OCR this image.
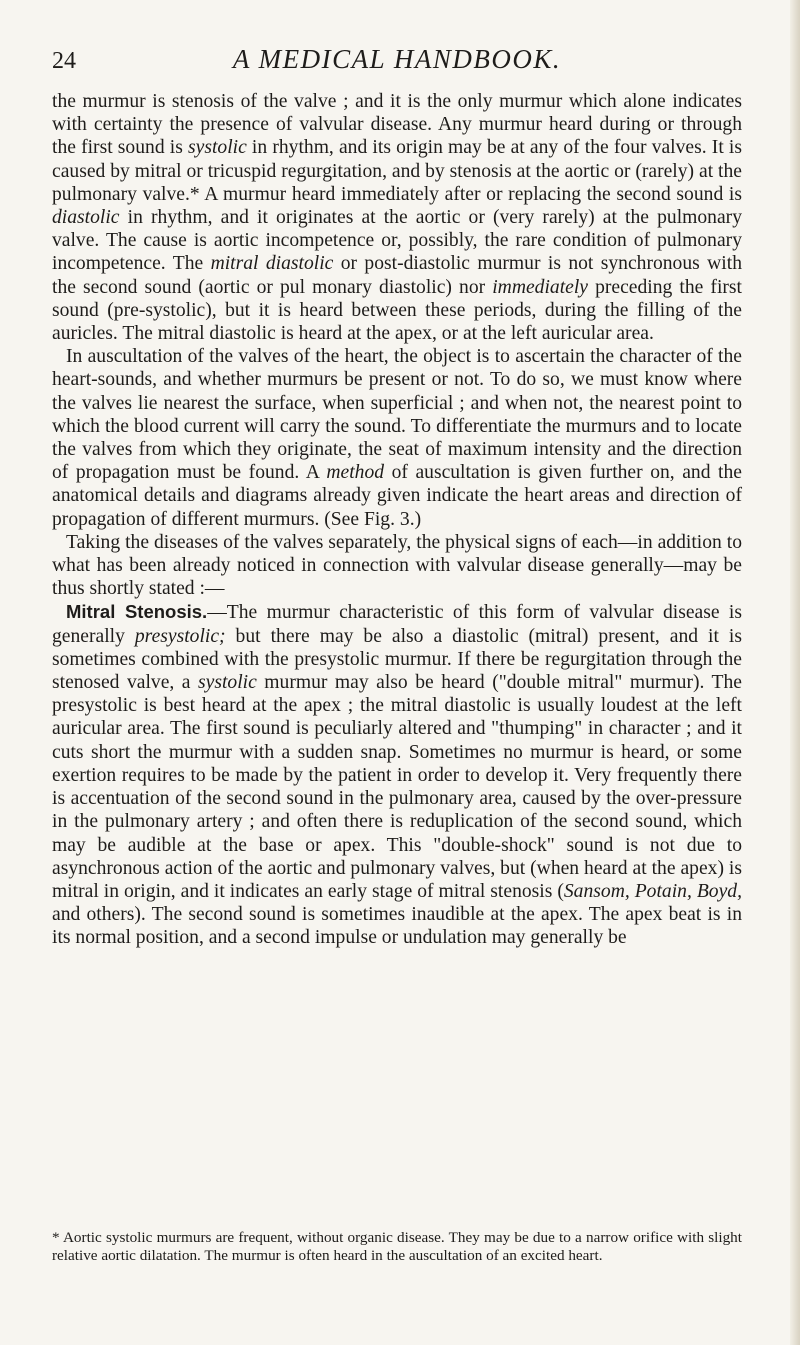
24	A MEDICAL HANDBOOK.

the murmur is stenosis of the valve ; and it is the only murmur which alone indicates with certainty the presence of valvular disease. Any murmur heard during or through the first sound is systolic in rhythm, and its origin may be at any of the four valves. It is caused by mitral or tricuspid regurgitation, and by stenosis at the aortic or (rarely) at the pulmonary valve.* A murmur heard immediately after or replacing the second sound is diastolic in rhythm, and it originates at the aortic or (very rarely) at the pulmonary valve. The cause is aortic incompetence or, possibly, the rare condition of pulmonary incompetence. The mitral diastolic or post-diastolic murmur is not synchronous with the second sound (aortic or pul monary diastolic) nor immediately preceding the first sound (pre-systolic), but it is heard between these periods, during the filling of the auricles. The mitral diastolic is heard at the apex, or at the left auricular area.

In auscultation of the valves of the heart, the object is to ascertain the character of the heart-sounds, and whether murmurs be present or not. To do so, we must know where the valves lie nearest the surface, when superficial ; and when not, the nearest point to which the blood current will carry the sound. To differentiate the murmurs and to locate the valves from which they originate, the seat of maximum intensity and the direction of propagation must be found. A method of auscultation is given further on, and the anatomical details and diagrams already given indicate the heart areas and direction of propagation of different murmurs. (See Fig. 3.)

Taking the diseases of the valves separately, the physical signs of each—in addition to what has been already noticed in connection with valvular disease generally—may be thus shortly stated :—

Mitral Stenosis.—The murmur characteristic of this form of valvular disease is generally presystolic; but there may be also a diastolic (mitral) present, and it is sometimes combined with the presystolic murmur. If there be regurgitation through the stenosed valve, a systolic murmur may also be heard ("double mitral" murmur). The presystolic is best heard at the apex ; the mitral diastolic is usually loudest at the left auricular area. The first sound is peculiarly altered and "thumping" in character ; and it cuts short the murmur with a sudden snap. Sometimes no murmur is heard, or some exertion requires to be made by the patient in order to develop it. Very frequently there is accentuation of the second sound in the pulmonary area, caused by the over-pressure in the pulmonary artery ; and often there is reduplication of the second sound, which may be audible at the base or apex. This "double-shock" sound is not due to asynchronous action of the aortic and pulmonary valves, but (when heard at the apex) is mitral in origin, and it indicates an early stage of mitral stenosis (Sansom, Potain, Boyd, and others). The second sound is sometimes inaudible at the apex. The apex beat is in its normal position, and a second impulse or undulation may generally be

* Aortic systolic murmurs are frequent, without organic disease. They may be due to a narrow orifice with slight relative aortic dilatation. The murmur is often heard in the auscultation of an excited heart.
